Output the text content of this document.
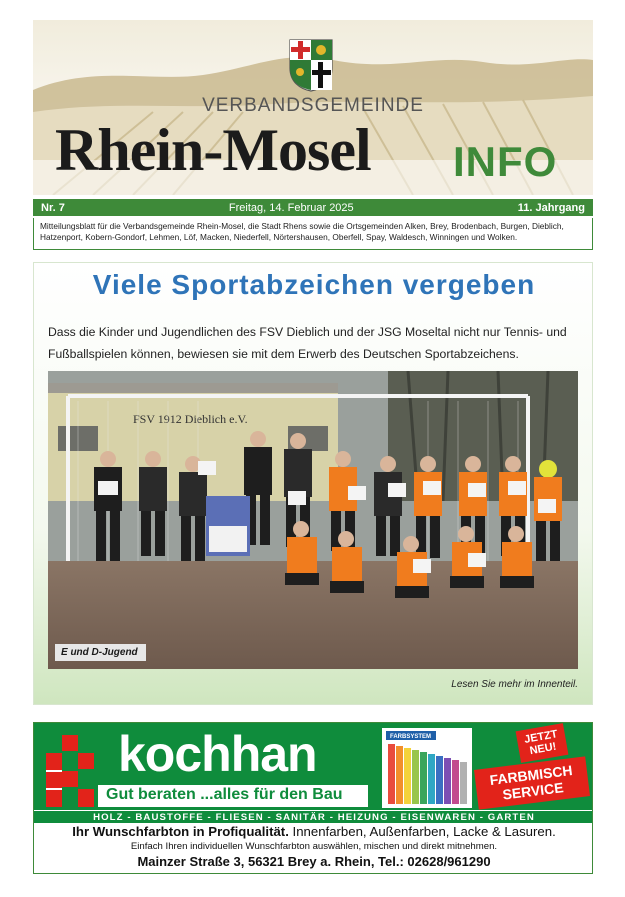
VERBANDSGEMEINDE
Rhein-Mosel INFO
Nr. 7	Freitag, 14. Februar 2025	11. Jahrgang
Mitteilungsblatt für die Verbandsgemeinde Rhein-Mosel, die Stadt Rhens sowie die Ortsgemeinden Alken, Brey, Brodenbach, Burgen, Dieblich, Hatzenport, Kobern-Gondorf, Lehmen, Löf, Macken, Niederfell, Nörtershausen, Oberfell, Spay, Waldesch, Winningen und Wolken.
Viele Sportabzeichen vergeben
Dass die Kinder und Jugendlichen des FSV Dieblich und der JSG Moseltal nicht nur Tennis- und Fußballspielen können, bewiesen sie mit dem Erwerb des Deutschen Sportabzeichens.
FSV 1912 Dieblich e.V.
E und D-Jugend
Lesen Sie mehr im Innenteil.
kochhan
Gut beraten ...alles für den Bau
FARBSYSTEM	JETZT NEU!
FARBMISCH SERVICE
HOLZ - BAUSTOFFE - FLIESEN - SANITÄR - HEIZUNG - EISENWAREN - GARTEN
Ihr Wunschfarbton in Profiqualität. Innenfarben, Außenfarben, Lacke & Lasuren.
Einfach Ihren individuellen Wunschfarbton auswählen, mischen und direkt mitnehmen.
Mainzer Straße 3, 56321 Brey a. Rhein, Tel.: 02628/961290
